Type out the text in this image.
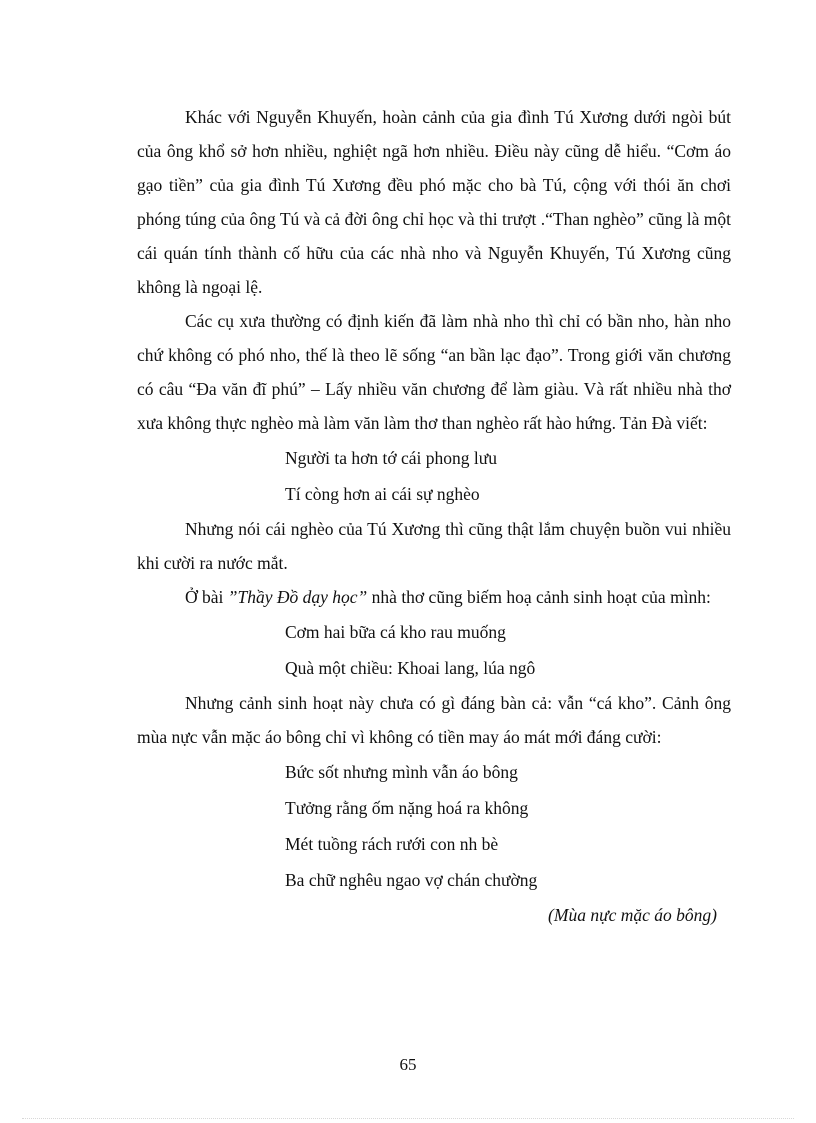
Khác với Nguyễn Khuyến, hoàn cảnh của gia đình Tú Xương dưới ngòi bút của ông khổ sở hơn nhiều, nghiệt ngã hơn nhiều. Điều này cũng dễ hiểu. “Cơm áo gạo tiền” của gia đình Tú Xương đều phó mặc cho bà Tú, cộng với thói ăn chơi phóng túng của ông Tú và cả đời ông chỉ học và thi trượt .“Than nghèo” cũng là một cái quán tính thành cố hữu của các nhà nho và Nguyễn Khuyến, Tú Xương cũng không là ngoại lệ.

Các cụ xưa thường có định kiến đã làm nhà nho thì chỉ có bần nho, hàn nho chứ không có phó nho, thế là theo lẽ sống “an bần lạc đạo”. Trong giới văn chương có câu “Đa văn đĩ phú” – Lấy nhiều văn chương để làm giàu. Và rất nhiều nhà thơ xưa không thực nghèo mà làm văn làm thơ than nghèo rất hào hứng. Tản Đà viết:

Người ta hơn tớ cái phong lưu
Tí còng hơn ai cái sự nghèo

Nhưng nói cái nghèo của Tú Xương thì cũng thật lắm chuyện buồn vui nhiều khi cười ra nước mắt.

Ở bài ”Thầy Đồ dạy học” nhà thơ cũng biếm hoạ cảnh sinh hoạt của mình:

Cơm hai bữa cá kho rau muống
Quà một chiều: Khoai lang, lúa ngô

Nhưng cảnh sinh hoạt này chưa có gì đáng bàn cả: vẫn “cá kho”. Cảnh ông mùa nực vẫn mặc áo bông chỉ vì không có tiền may áo mát mới đáng cười:

Bức sốt nhưng mình vẫn áo bông
Tưởng rằng ốm nặng hoá ra không
Mét tuồng rách rưới con nh bè
Ba chữ nghêu ngao vợ chán chường

(Mùa nực mặc áo bông)

65
